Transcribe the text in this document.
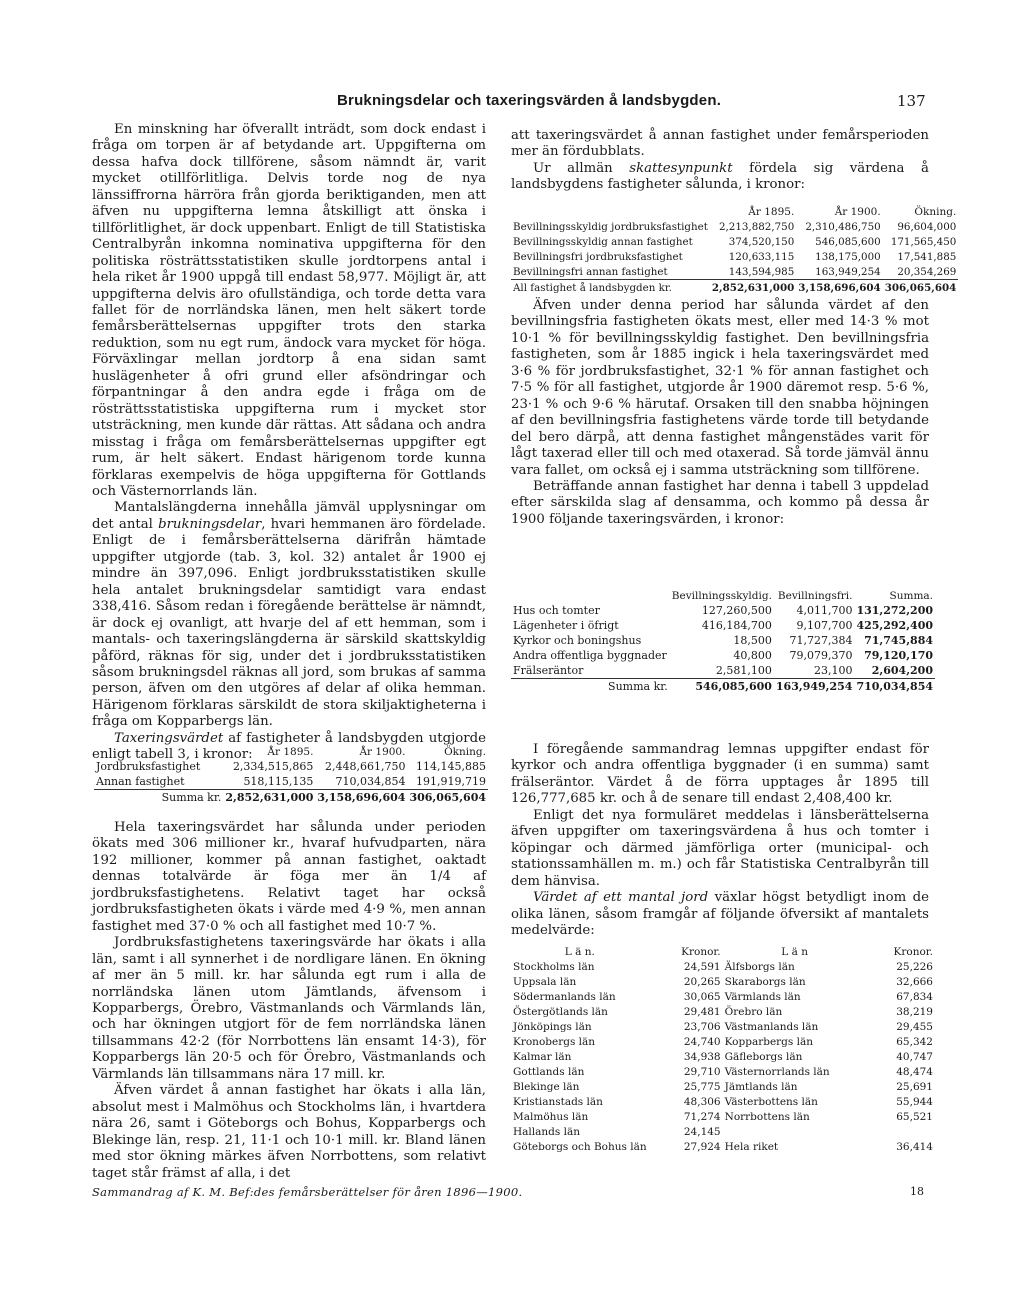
Brukningsdelar och taxeringsvärden å landsbygden.	137

En minskning har öfverallt inträdt, som dock endast i fråga om torpen är af betydande art. Uppgifterna om dessa hafva dock tillförene, såsom nämndt är, varit mycket otillförlitliga. Delvis torde nog de nya länssiffrorna härröra från gjorda beriktiganden, men att äfven nu uppgifterna lemna åtskilligt att önska i tillförlitlighet, är dock uppenbart. Enligt de till Statistiska Centralbyrån inkomna nominativa uppgifterna för den politiska rösträttsstatistiken skulle jordtorpens antal i hela riket år 1900 uppgå till endast 58,977. Möjligt är, att uppgifterna delvis äro ofullständiga, och torde detta vara fallet för de norrländska länen, men helt säkert torde femårsberättelsernas uppgifter trots den starka reduktion, som nu egt rum, ändock vara mycket för höga. Förväxlingar mellan jordtorp å ena sidan samt huslägenheter å ofri grund eller afsöndringar och förpantningar å den andra egde i fråga om de rösträttsstatistiska uppgifterna rum i mycket stor utsträckning, men kunde där rättas. Att sådana och andra misstag i fråga om femårsberättelsernas uppgifter egt rum, är helt säkert. Endast härigenom torde kunna förklaras exempelvis de höga uppgifterna för Gottlands och Västernorrlands län.

Mantalslängderna innehålla jämväl upplysningar om det antal brukningsdelar, hvari hemmanen äro fördelade. Enligt de i femårsberättelserna därifrån hämtade uppgifter utgjorde (tab. 3, kol. 32) antalet år 1900 ej mindre än 397,096. Enligt jordbruksstatistiken skulle hela antalet brukningsdelar samtidigt vara endast 338,416. Såsom redan i föregående berättelse är nämndt, är dock ej ovanligt, att hvarje del af ett hemman, som i mantals- och taxeringslängderna är särskild skattskyldig påförd, räknas för sig, under det i jordbruksstatistiken såsom brukningsdel räknas all jord, som brukas af samma person, äfven om den utgöres af delar af olika hemman. Härigenom förklaras särskildt de stora skiljaktigheterna i fråga om Kopparbergs län.

Taxeringsvärdet af fastigheter å landsbygden utgjorde enligt tabell 3, i kronor:

		År 1895.	År 1900.	Ökning.
Jordbruksfastighet	2,334,515,865	2,448,661,750	114,145,885
Annan fastighet	518,115,135	710,034,854	191,919,719
Summa kr.	2,852,631,000	3,158,696,604	306,065,604

Hela taxeringsvärdet har sålunda under perioden ökats med 306 millioner kr., hvaraf hufvudparten, nära 192 millioner, kommer på annan fastighet, oaktadt dennas totalvärde är föga mer än 1/4 af jordbruksfastighetens. Relativt taget har också jordbruksfastigheten ökats i värde med 4·9 %, men annan fastighet med 37·0 % och all fastighet med 10·7 %.

Jordbruksfastighetens taxeringsvärde har ökats i alla län, samt i all synnerhet i de nordligare länen. En ökning af mer än 5 mill. kr. har sålunda egt rum i alla de norrländska länen utom Jämtlands, äfvensom i Kopparbergs, Örebro, Västmanlands och Värmlands län, och har ökningen utgjort för de fem norrländska länen tillsammans 42·2 (för Norrbottens län ensamt 14·3), för Kopparbergs län 20·5 och för Örebro, Västmanlands och Värmlands län tillsammans nära 17 mill. kr.

Äfven värdet å annan fastighet har ökats i alla län, absolut mest i Malmöhus och Stockholms län, i hvartdera nära 26, samt i Göteborgs och Bohus, Kopparbergs och Blekinge län, resp. 21, 11·1 och 10·1 mill. kr. Bland länen med stor ökning märkes äfven Norrbottens, som relativt taget står främst af alla, i det

att taxeringsvärdet å annan fastighet under femårsperioden mer än fördubblats.

Ur allmän skattesynpunkt fördela sig värdena å landsbygdens fastigheter sålunda, i kronor:

	År 1895.	År 1900.	Ökning.
Bevillningsskyldig jordbruksfastighet	2,213,882,750	2,310,486,750	96,604,000
Bevillningsskyldig annan fastighet	374,520,150	546,085,600	171,565,450
Bevillningsfri jordbruksfastighet	120,633,115	138,175,000	17,541,885
Bevillningsfri annan fastighet	143,594,985	163,949,254	20,354,269
All fastighet å landsbygden kr.	2,852,631,000	3,158,696,604	306,065,604

Äfven under denna period har sålunda värdet af den bevillningsfria fastigheten ökats mest, eller med 14·3 % mot 10·1 % för bevillningsskyldig fastighet. Den bevillningsfria fastigheten, som år 1885 ingick i hela taxeringsvärdet med 3·6 % för jordbruksfastighet, 32·1 % för annan fastighet och 7·5 % för all fastighet, utgjorde år 1900 däremot resp. 5·6 %, 23·1 % och 9·6 % härutaf. Orsaken till den snabba höjningen af den bevillningsfria fastighetens värde torde till betydande del bero därpå, att denna fastighet mångenstädes varit för lågt taxerad eller till och med otaxerad. Så torde jämväl ännu vara fallet, om också ej i samma utsträckning som tillförene.

Beträffande annan fastighet har denna i tabell 3 uppdelad efter särskilda slag af densamma, och kommo på dessa år 1900 följande taxeringsvärden, i kronor:

	Bevillningsskyldig.	Bevillningsfri.	Summa.
Hus och tomter	127,260,500	4,011,700	131,272,200
Lägenheter i öfrigt	416,184,700	9,107,700	425,292,400
Kyrkor och boningshus	18,500	71,727,384	71,745,884
Andra offentliga byggnader	40,800	79,079,370	79,120,170
Frälseräntor	2,581,100	23,100	2,604,200
Summa kr.	546,085,600	163,949,254	710,034,854

I föregående sammandrag lemnas uppgifter endast för kyrkor och andra offentliga byggnader (i en summa) samt frälseräntor. Värdet å de förra upptages år 1895 till 126,777,685 kr. och å de senare till endast 2,408,400 kr.

Enligt det nya formuläret meddelas i länsberättelserna äfven uppgifter om taxeringsvärdena å hus och tomter i köpingar och därmed jämförliga orter (municipal- och stationssamhällen m. m.) och får Statistiska Centralbyrån till dem hänvisa.

Värdet af ett mantal jord växlar högst betydligt inom de olika länen, såsom framgår af följande öfversikt af mantalets medelvärde:

L ä n.	Kronor.	L ä n	Kronor.
Stockholms län	24,591	Älfsborgs län	25,226
Uppsala län	20,265	Skaraborgs län	32,666
Södermanlands län	30,065	Värmlands län	67,834
Östergötlands län	29,481	Örebro län	38,219
Jönköpings län	23,706	Västmanlands län	29,455
Kronobergs län	24,740	Kopparbergs län	65,342
Kalmar län	34,938	Gäfleborgs län	40,747
Gottlands län	29,710	Västernorrlands län	48,474
Blekinge län	25,775	Jämtlands län	25,691
Kristianstads län	48,306	Västerbottens län	55,944
Malmöhus län	71,274	Norrbottens län	65,521
Hallands län	24,145		
Göteborgs och Bohus län	27,924	Hela riket	36,414
Sammandrag af K. M. Bef:des femårsberättelser för åren 1896—1900.	18
